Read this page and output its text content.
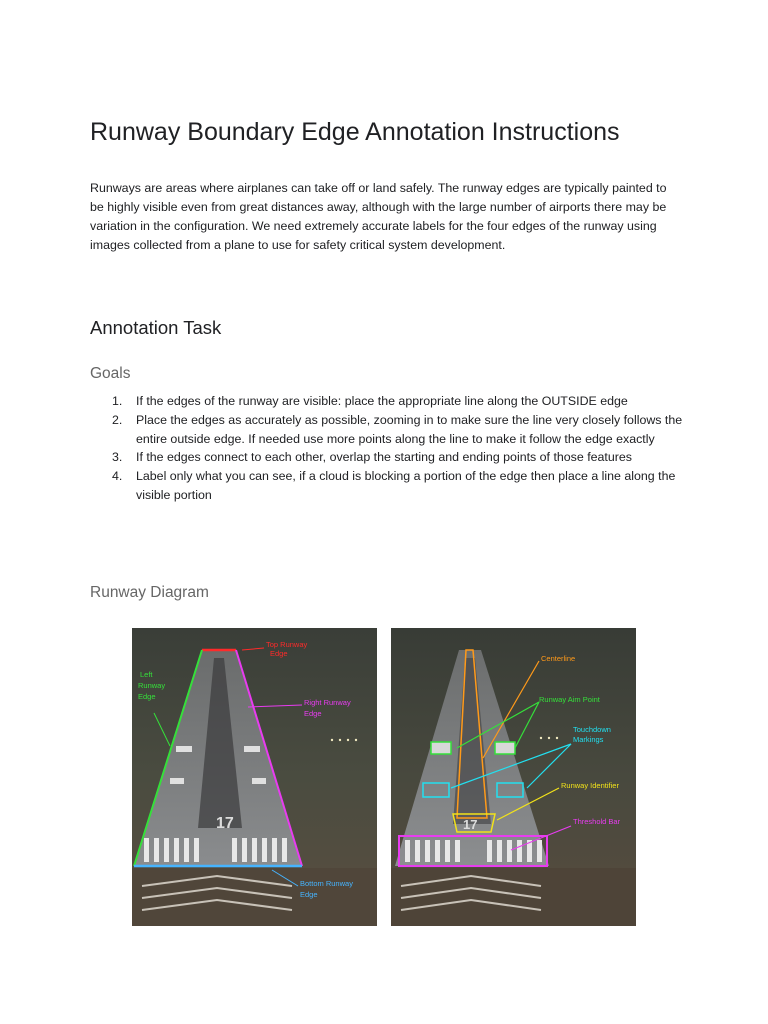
Runway Boundary Edge Annotation Instructions

Runways are areas where airplanes can take off or land safely. The runway edges are typically painted to be highly visible even from great distances away, although with the large number of airports there may be variation in the configuration. We need extremely accurate labels for the four edges of the runway using images collected from a plane to use for safety critical system development.

Annotation Task
Goals
1. If the edges of the runway are visible: place the appropriate line along the OUTSIDE edge
2. Place the edges as accurately as possible, zooming in to make sure the line very closely follows the entire outside edge. If needed use more points along the line to make it follow the edge exactly
3. If the edges connect to each other, overlap the starting and ending points of those features
4. Label only what you can see, if a cloud is blocking a portion of the edge then place a line along the visible portion
Runway Diagram
17
Top Runway
Edge
Left
Runway
Edge
Right Runway
Edge
Bottom Runway
Edge
17
Centerline
Runway Aim Point
Touchdown
Markings
Runway Identifier
Threshold Bar
